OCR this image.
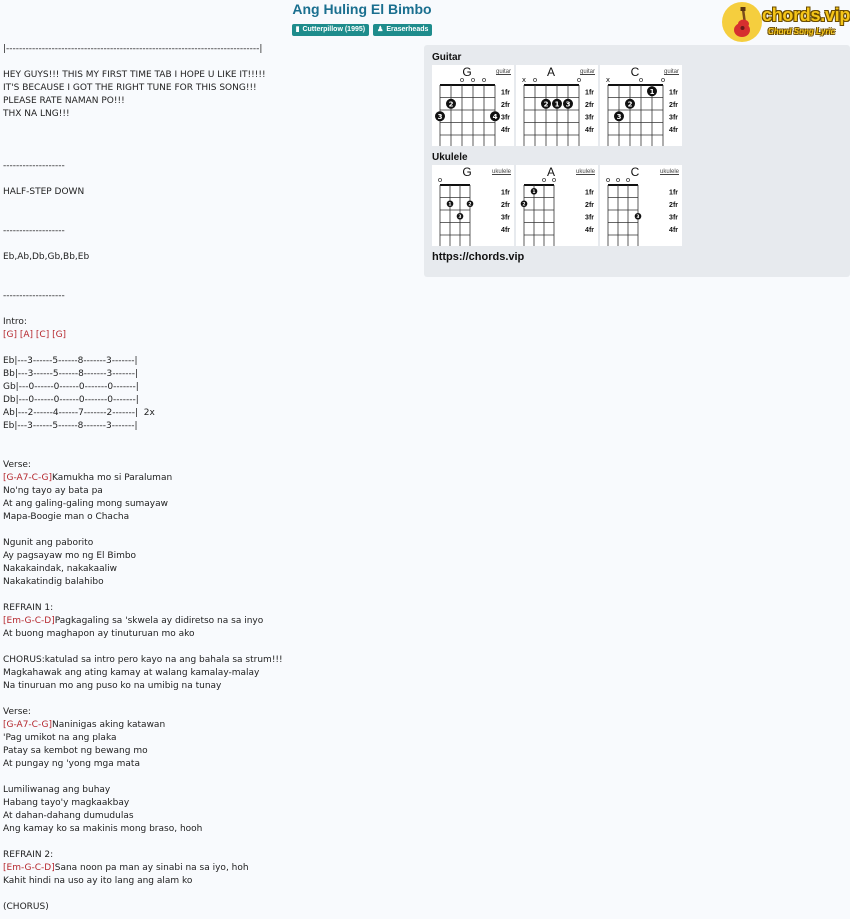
Ang Huling El Bimbo
▮ Cutterpillow (1995) ♟ Eraserheads
chords.vip
Chord Song Lyric
|------------------------------------------------------------------------------|
HEY GUYS!!! THIS MY FIRST TIME TAB I HOPE U LIKE IT!!!!!
IT'S BECAUSE I GOT THE RIGHT TUNE FOR THIS SONG!!!
PLEASE RATE NAMAN PO!!!
THX NA LNG!!!
-------------------
HALF-STEP DOWN
-------------------
Eb,Ab,Db,Gb,Bb,Eb
-------------------
Intro:
[G] [A] [C] [G]
Eb|---3------5------8-------3-------|
Bb|---3------5------8-------3-------|
Gb|---0------0------0-------0-------|
Db|---0------0------0-------0-------|
Ab|---2------4------7-------2-------|  2x
Eb|---3------5------8-------3-------|
Verse:
[G-A7-C-G]Kamukha mo si Paraluman
No'ng tayo ay bata pa
At ang galing-galing mong sumayaw
Mapa-Boogie man o Chacha
Ngunit ang paborito
Ay pagsayaw mo ng El Bimbo
Nakakaindak, nakakaaliw
Nakakatindig balahibo
REFRAIN 1:
[Em-G-C-D]Pagkagaling sa 'skwela ay didiretso na sa inyo
At buong maghapon ay tinuturuan mo ako
CHORUS:katulad sa intro pero kayo na ang bahala sa strum!!!
Magkahawak ang ating kamay at walang kamalay-malay
Na tinuruan mo ang puso ko na umibig na tunay
Verse:
[G-A7-C-G]Naninigas aking katawan
'Pag umikot na ang plaka
Patay sa kembot ng bewang mo
At pungay ng 'yong mga mata
Lumiliwanag ang buhay
Habang tayo'y magkaakbay
At dahan-dahang dumudulas
Ang kamay ko sa makinis mong braso, hooh
REFRAIN 2:
[Em-G-C-D]Sana noon pa man ay sinabi na sa iyo, hoh
Kahit hindi na uso ay ito lang ang alam ko
(CHORUS)
Guitar
Ukulele
https://chords.vip
G	guitar
o o o
1fr
2fr
3fr
4fr
2
3	4
A	guitar
x o	o
1fr
2fr
3fr
4fr
2 1 3
C	guitar
x	o	o
1fr
2fr
3fr
4fr
1
2
3
G	ukulele
o
1fr
2fr
3fr
4fr
1	2
3
A	ukulele
o o
1fr
2fr
3fr
4fr
1
2
C	ukulele
o o o
1fr
2fr
3fr
4fr
3
